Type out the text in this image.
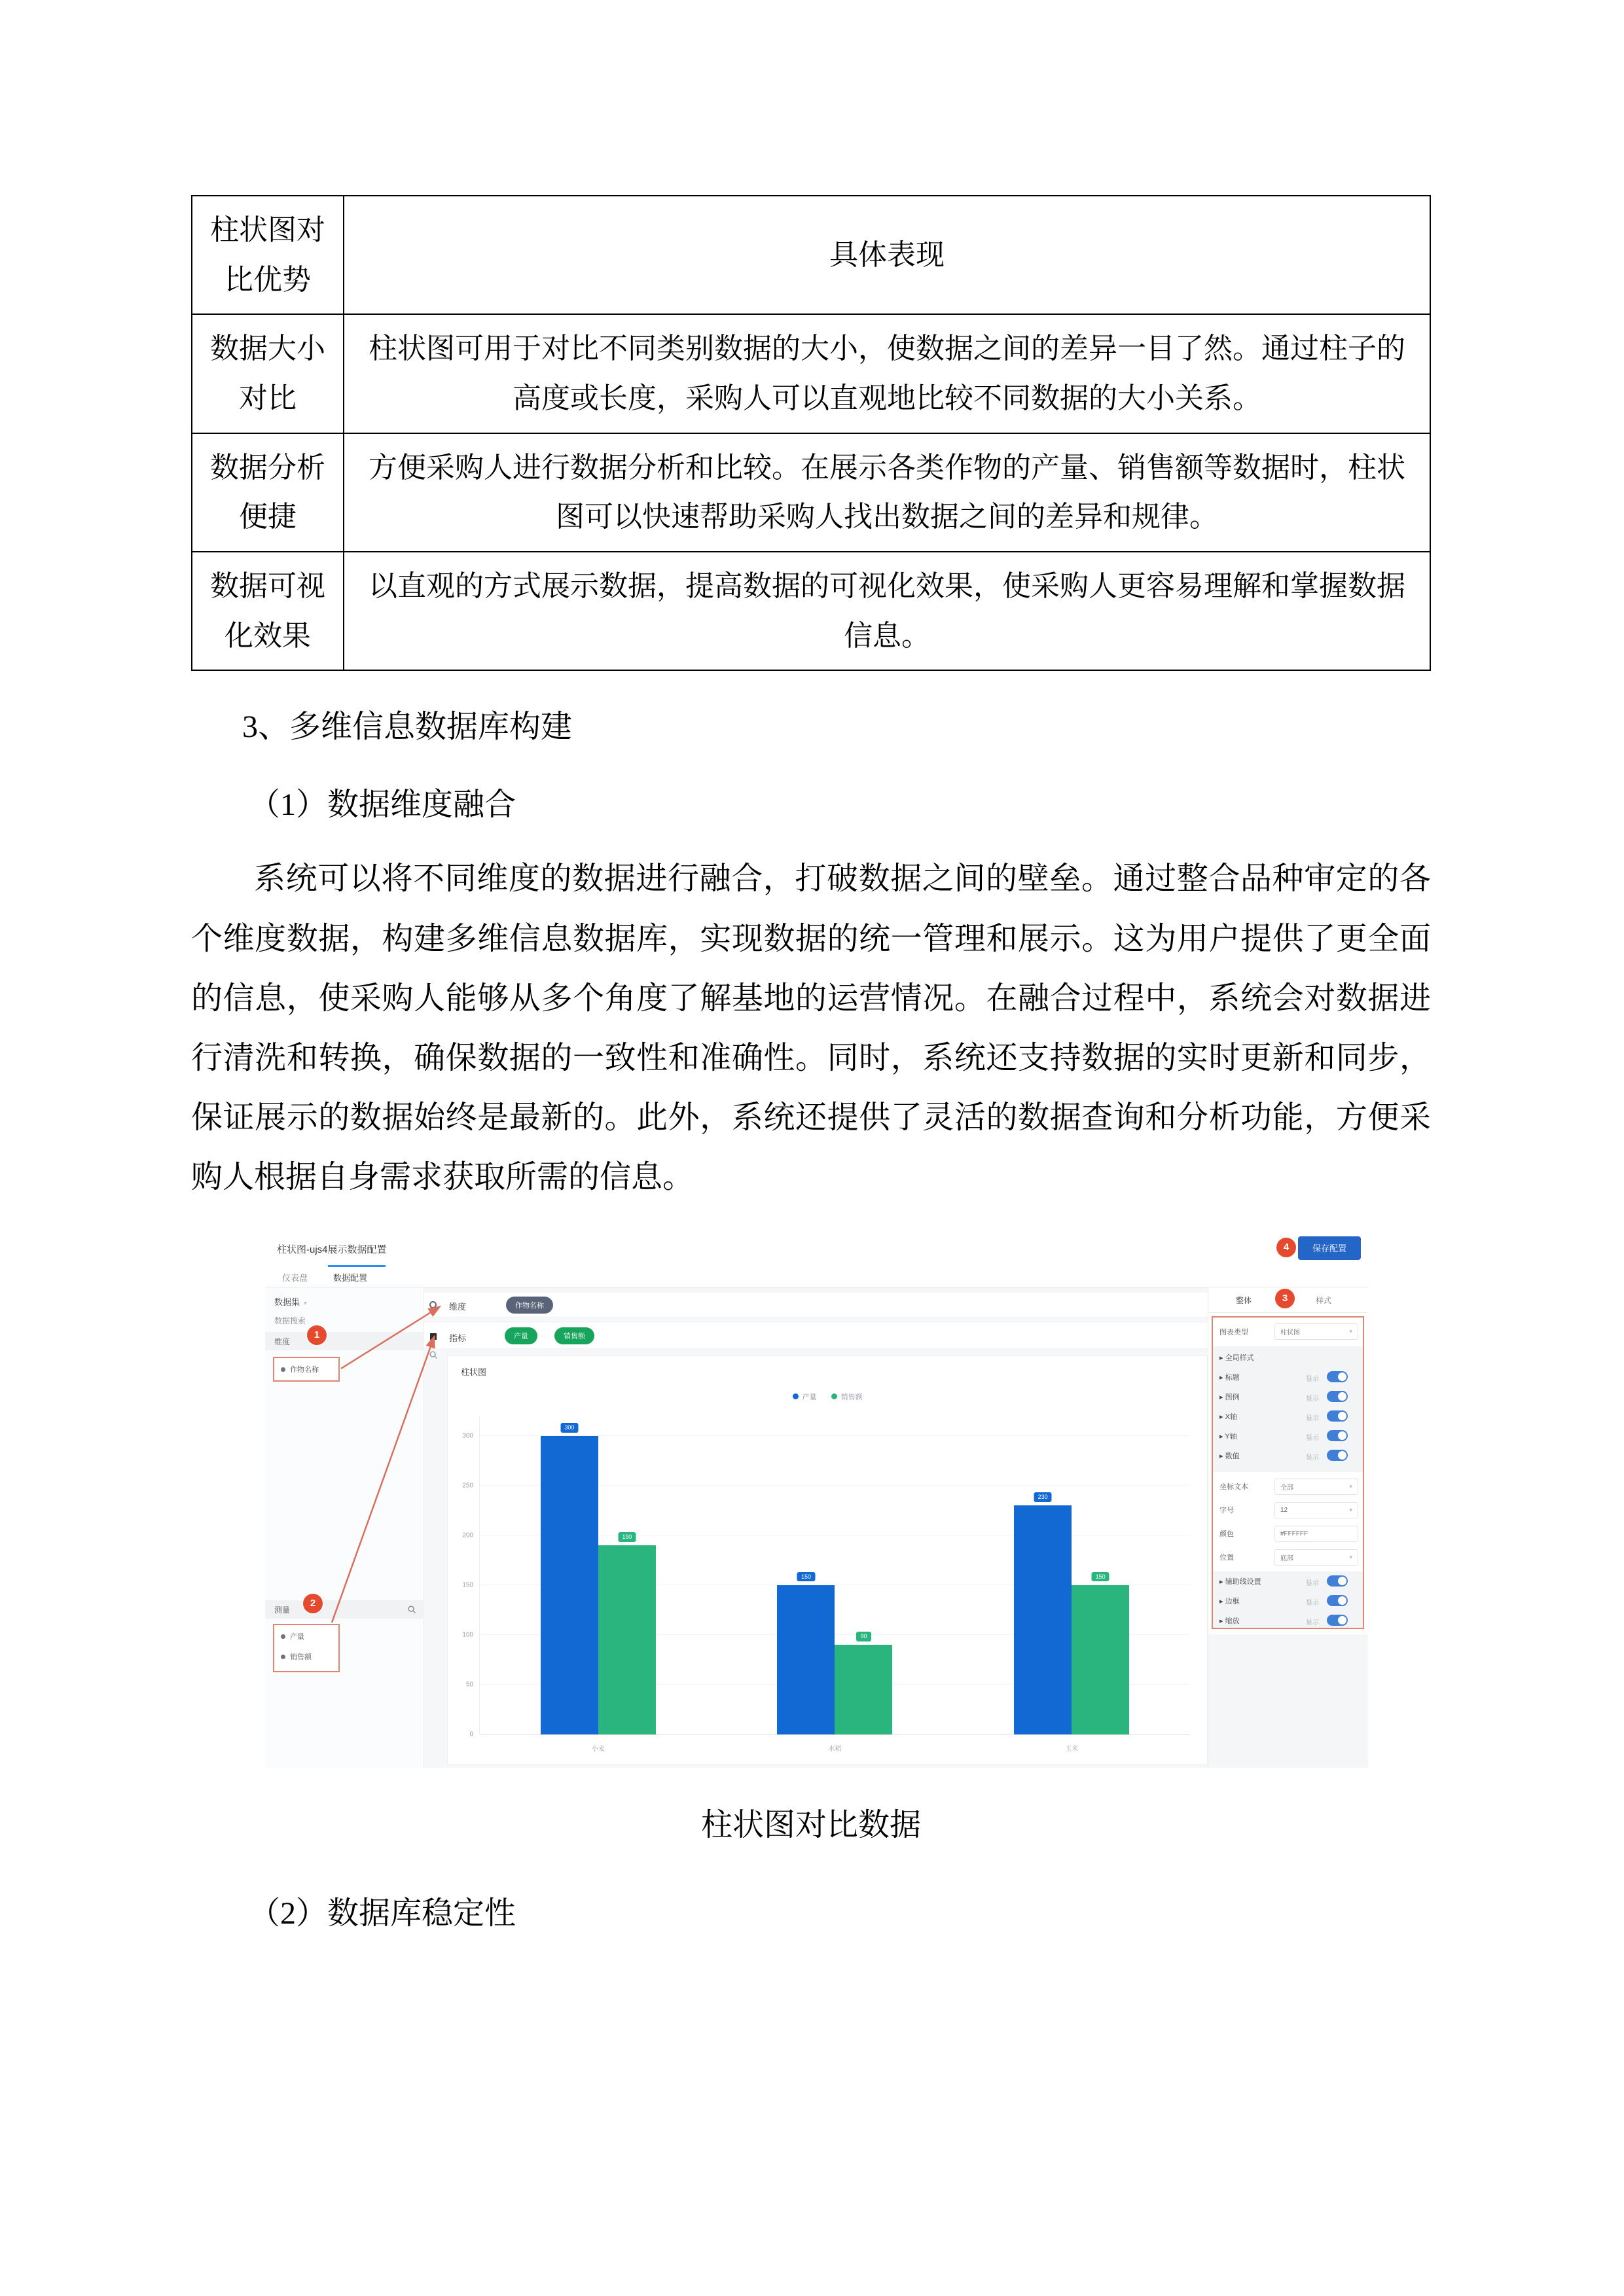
柱状图对比优势	具体表现
数据大小对比	柱状图可用于对比不同类别数据的大小，使数据之间的差异一目了然。通过柱子的高度或长度，采购人可以直观地比较不同数据的大小关系。
数据分析便捷	方便采购人进行数据分析和比较。在展示各类作物的产量、销售额等数据时，柱状图可以快速帮助采购人找出数据之间的差异和规律。
数据可视化效果	以直观的方式展示数据，提高数据的可视化效果，使采购人更容易理解和掌握数据信息。
3、多维信息数据库构建
（1）数据维度融合

系统可以将不同维度的数据进行融合，打破数据之间的壁垒。通过整合品种审定的各个维度数据，构建多维信息数据库，实现数据的统一管理和展示。这为用户提供了更全面的信息，使采购人能够从多个角度了解基地的运营情况。在融合过程中，系统会对数据进行清洗和转换，确保数据的一致性和准确性。同时，系统还支持数据的实时更新和同步，保证展示的数据始终是最新的。此外，系统还提供了灵活的数据查询和分析功能，方便采购人根据自身需求获取所需的信息。

柱状图-ujs4展示数据配置	4	保存配置
仪表盘	数据配置
数据集 ▾
数据搜索
维度
1
作物名称
测量
2
产量
销售额
维度	作物名称
指标	产量	销售额
柱状图
产量	销售额
0
50
100
150
200
250
300
300
190
小麦
150
90
水稻
230
150
玉米
整体	样式
3
图表类型	柱状图	▾
▸ 全局样式
▸ 标题	显示
▸ 图例	显示
▸ X轴	显示
▸ Y轴	显示
▸ 数值	显示
坐标文本	全部	▾
字号	12	▾
颜色	#FFFFFF
位置	底部	▾
▸ 辅助线设置	显示
▸ 边框	显示
▸ 缩放	显示
柱状图对比数据
（2）数据库稳定性
